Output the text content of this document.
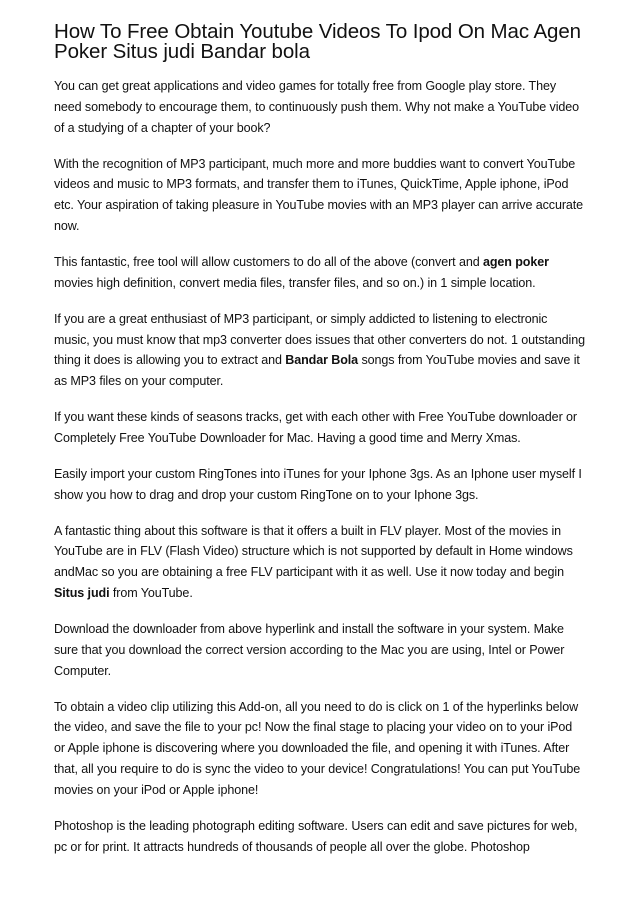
How To Free Obtain Youtube Videos To Ipod On Mac Agen Poker Situs judi Bandar bola

You can get great applications and video games for totally free from Google play store. They need somebody to encourage them, to continuously push them. Why not make a YouTube video of a studying of a chapter of your book?

With the recognition of MP3 participant, much more and more buddies want to convert YouTube videos and music to MP3 formats, and transfer them to iTunes, QuickTime, Apple iphone, iPod etc. Your aspiration of taking pleasure in YouTube movies with an MP3 player can arrive accurate now.

This fantastic, free tool will allow customers to do all of the above (convert and agen poker movies high definition, convert media files, transfer files, and so on.) in 1 simple location.

If you are a great enthusiast of MP3 participant, or simply addicted to listening to electronic music, you must know that mp3 converter does issues that other converters do not. 1 outstanding thing it does is allowing you to extract and Bandar Bola songs from YouTube movies and save it as MP3 files on your computer.

If you want these kinds of seasons tracks, get with each other with Free YouTube downloader or Completely Free YouTube Downloader for Mac. Having a good time and Merry Xmas.

Easily import your custom RingTones into iTunes for your Iphone 3gs. As an Iphone user myself I show you how to drag and drop your custom RingTone on to your Iphone 3gs.

A fantastic thing about this software is that it offers a built in FLV player. Most of the movies in YouTube are in FLV (Flash Video) structure which is not supported by default in Home windows andMac so you are obtaining a free FLV participant with it as well. Use it now today and begin Situs judi from YouTube.

Download the downloader from above hyperlink and install the software in your system. Make sure that you download the correct version according to the Mac you are using, Intel or Power Computer.

To obtain a video clip utilizing this Add-on, all you need to do is click on 1 of the hyperlinks below the video, and save the file to your pc! Now the final stage to placing your video on to your iPod or Apple iphone is discovering where you downloaded the file, and opening it with iTunes. After that, all you require to do is sync the video to your device! Congratulations! You can put YouTube movies on your iPod or Apple iphone!

Photoshop is the leading photograph editing software. Users can edit and save pictures for web, pc or for print. It attracts hundreds of thousands of people all over the globe. Photoshop
